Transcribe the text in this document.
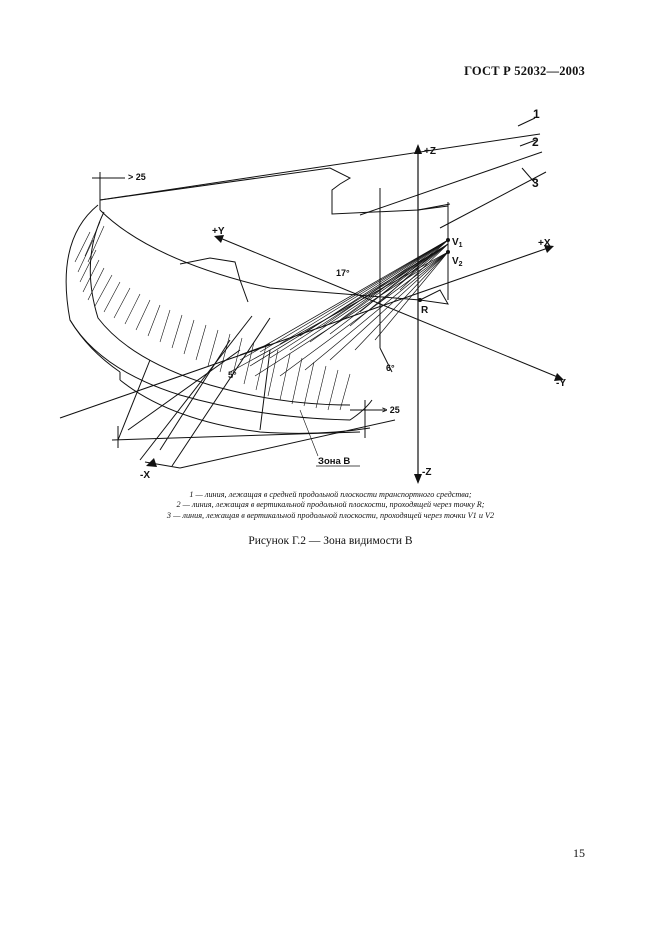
ГОСТ Р 52032—2003
1
2
3
+Z
-Z
+Y
-Y
+X
-X
$V_1$
$V_2$
R
> 25
> 25
17°
5°
6°
Зона В
1 — линия, лежащая в средней продольной плоскости транспортного средства;
2 — линия, лежащая в вертикальной продольной плоскости, проходящей через точку R;
3 — линия, лежащая в вертикальной продольной плоскости, проходящей через точки V1 и V2
Рисунок Г.2 — Зона видимости В
15
